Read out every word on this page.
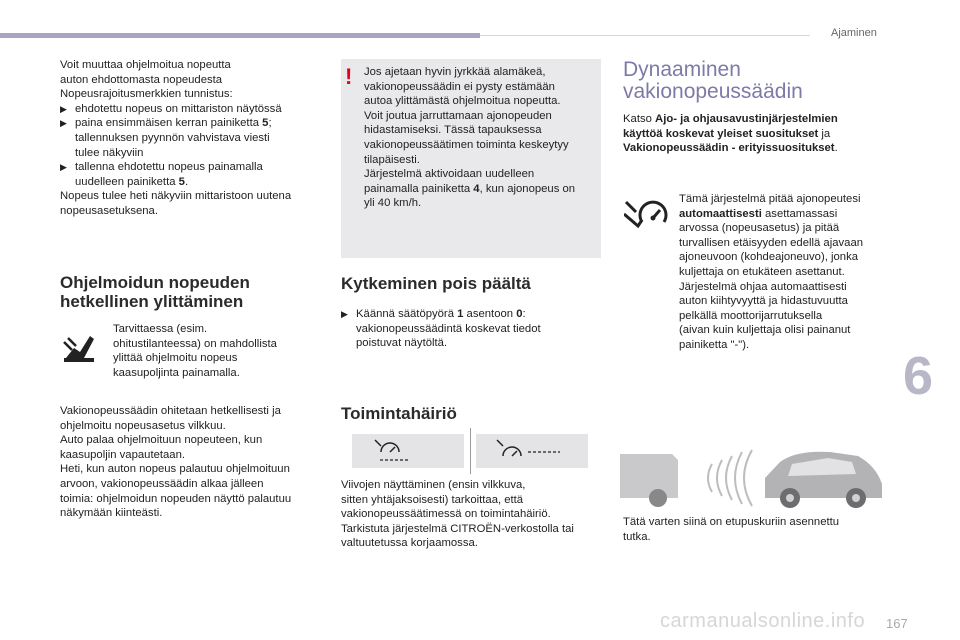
Ajaminen
6
167
carmanualsonline.info

Voit muuttaa ohjelmoitua nopeutta

auton ehdottomasta nopeudesta

Nopeusrajoitusmerkkien tunnistus:

▶ ehdotettu nopeus on mittariston näytössä
▶ paina ensimmäisen kerran painiketta 5;

tallennuksen pyynnön vahvistava viesti

tulee näkyviin

▶ tallenna ehdotettu nopeus painamalla

uudelleen painiketta 5.

Nopeus tulee heti näkyviin mittaristoon uutena

nopeusasetuksena.

Ohjelmoidun nopeuden
hetkellinen ylittäminen

Tarvittaessa (esim.

ohitustilanteessa) on mahdollista

ylittää ohjelmoitu nopeus

kaasupoljinta painamalla.

Vakionopeussäädin ohitetaan hetkellisesti ja

ohjelmoitu nopeusasetus vilkkuu.

Auto palaa ohjelmoituun nopeuteen, kun

kaasupoljin vapautetaan.

Heti, kun auton nopeus palautuu ohjelmoituun

arvoon, vakionopeussäädin alkaa jälleen

toimia: ohjelmoidun nopeuden näyttö palautuu

näkymään kiinteästi.

! Jos ajetaan hyvin jyrkkää alamäkeä,

vakionopeussäädin ei pysty estämään

autoa ylittämästä ohjelmoitua nopeutta.

Voit joutua jarruttamaan ajonopeuden

hidastamiseksi. Tässä tapauksessa

vakionopeussäätimen toiminta keskeytyy

tilapäisesti.

Järjestelmä aktivoidaan uudelleen

painamalla painiketta 4, kun ajonopeus on

yli 40 km/h.

Kytkeminen pois päältä
▶ Käännä säätöpyörä 1 asentoon 0:

vakionopeussäädintä koskevat tiedot

poistuvat näytöltä.

Toimintahäiriö

Viivojen näyttäminen (ensin vilkkuva,

sitten yhtäjaksoisesti) tarkoittaa, että

vakionopeussäätimessä on toimintahäiriö.

Tarkistuta järjestelmä CITROËN-verkostolla tai

valtuutetussa korjaamossa.

Dynaaminen
vakionopeussäädin

Katso Ajo- ja ohjausavustinjärjestelmien

käyttöä koskevat yleiset suositukset ja

Vakionopeussäädin - erityissuositukset.

Tämä järjestelmä pitää ajonopeutesi

automaattisesti asettamassasi

arvossa (nopeusasetus) ja pitää

turvallisen etäisyyden edellä ajavaan

ajoneuvoon (kohdeajoneuvo), jonka

kuljettaja on etukäteen asettanut.

Järjestelmä ohjaa automaattisesti

auton kiihtyvyyttä ja hidastuvuutta

pelkällä moottorijarrutuksella

(aivan kuin kuljettaja olisi painanut

painiketta "-").

Tätä varten siinä on etupuskuriin asennettu

tutka.
